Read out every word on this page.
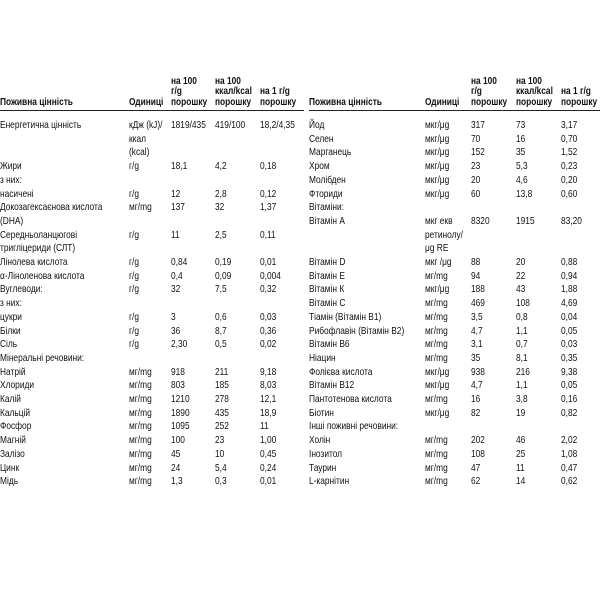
Поживна цінність	Одиниці	на 100 г/g порошку	на 100 ккал/kcal порошку	на 1 г/g порошку
Енергетична цінність	кДж (kJ)/ ккал (kcal)	1819/435	419/100	18,2/4,35
Жири	г/g	18,1	4,2	0,18
з них:				
насичені	г/g	12	2,8	0,12
Докозагексаєнова кислота (DHA)	мг/mg	137	32	1,37
Середньоланцюгові тригліцериди (СЛТ)	г/g	11	2,5	0,11
Лінолева кислота	г/g	0,84	0,19	0,01
α-Ліноленова кислота	г/g	0,4	0,09	0,004
Вуглеводи:	г/g	32	7,5	0,32
з них:				
цукри	г/g	3	0,6	0,03
Білки	г/g	36	8,7	0,36
Сіль	г/g	2,30	0,5	0,02
Мінеральні речовини:				
Натрій	мг/mg	918	211	9,18
Хлориди	мг/mg	803	185	8,03
Калій	мг/mg	1210	278	12,1
Кальцій	мг/mg	1890	435	18,9
Фосфор	мг/mg	1095	252	11
Магній	мг/mg	100	23	1,00
Залізо	мг/mg	45	10	0,45
Цинк	мг/mg	24	5,4	0,24
Мідь	мг/mg	1,3	0,3	0,01
Поживна цінність	Одиниці	на 100 г/g порошку	на 100 ккал/kcal порошку	на 1 г/g порошку
Йод	мкг/μg	317	73	3,17
Селен	мкг/μg	70	16	0,70
Марганець	мкг/μg	152	35	1,52
Хром	мкг/μg	23	5,3	0,23
Молібден	мкг/μg	20	4,6	0,20
Фториди	мкг/μg	60	13,8	0,60
Вітаміни:				
Вітамін А	мкг екв ретинолу/μg RE	8320	1915	83,20
Вітамін D	мкг /μg	88	20	0,88
Вітамін Е	мг/mg	94	22	0,94
Вітамін К	мкг/μg	188	43	1,88
Вітамін С	мг/mg	469	108	4,69
Тіамін (Вітамін В1)	мг/mg	3,5	0,8	0,04
Рибофлавін (Вітамін В2)	мг/mg	4,7	1,1	0,05
Вітамін В6	мг/mg	3,1	0,7	0,03
Ніацин	мг/mg	35	8,1	0,35
Фолієва кислота	мкг/μg	938	216	9,38
Вітамін В12	мкг/μg	4,7	1,1	0,05
Пантотенова кислота	мг/mg	16	3,8	0,16
Біотин	мкг/μg	82	19	0,82
Інші поживні речовини:				
Холін	мг/mg	202	46	2,02
Інозитол	мг/mg	108	25	1,08
Таурин	мг/mg	47	11	0,47
L-карнітин	мг/mg	62	14	0,62
